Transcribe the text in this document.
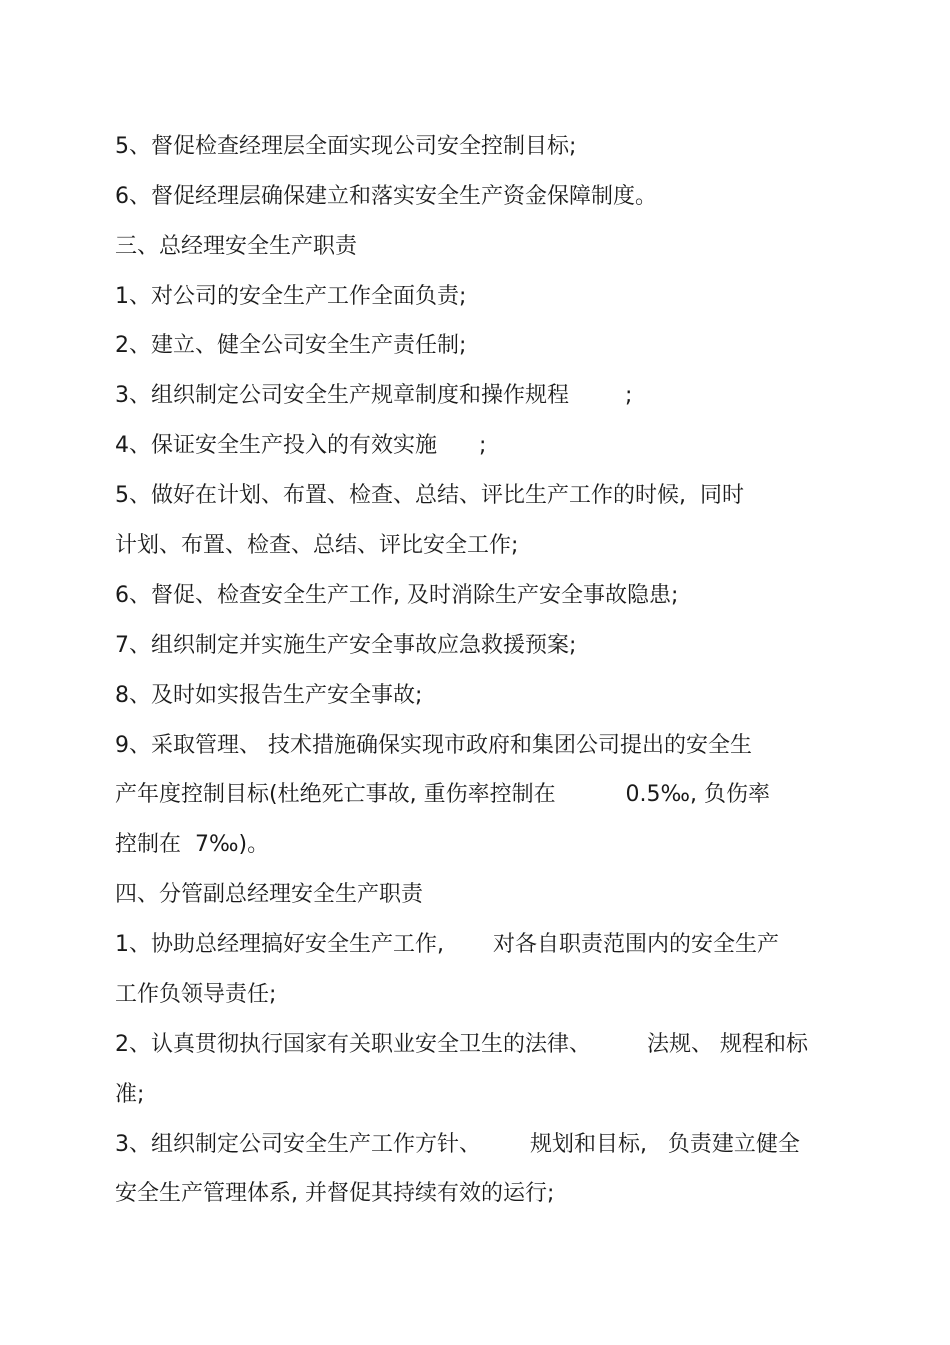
5、督促检查经理层全面实现公司安全控制目标;
6、督促经理层确保建立和落实安全生产资金保障制度。
三、总经理安全生产职责
1、对公司的安全生产工作全面负责;
2、建立、健全公司安全生产责任制;
3、组织制定公司安全生产规章制度和操作规程        ;
4、保证安全生产投入的有效实施      ;
5、做好在计划、布置、检查、总结、评比生产工作的时候,  同时
计划、布置、检查、总结、评比安全工作;
6、督促、检查安全生产工作, 及时消除生产安全事故隐患;
7、组织制定并实施生产安全事故应急救援预案;
8、及时如实报告生产安全事故;
9、采取管理、 技术措施确保实现市政府和集团公司提出的安全生
产年度控制目标(杜绝死亡事故, 重伤率控制在          0.5‰, 负伤率
控制在  7‰)。
四、分管副总经理安全生产职责
1、协助总经理搞好安全生产工作,       对各自职责范围内的安全生产
工作负领导责任;
2、认真贯彻执行国家有关职业安全卫生的法律、        法规、 规程和标
准;
3、组织制定公司安全生产工作方针、       规划和目标,   负责建立健全
安全生产管理体系, 并督促其持续有效的运行;
